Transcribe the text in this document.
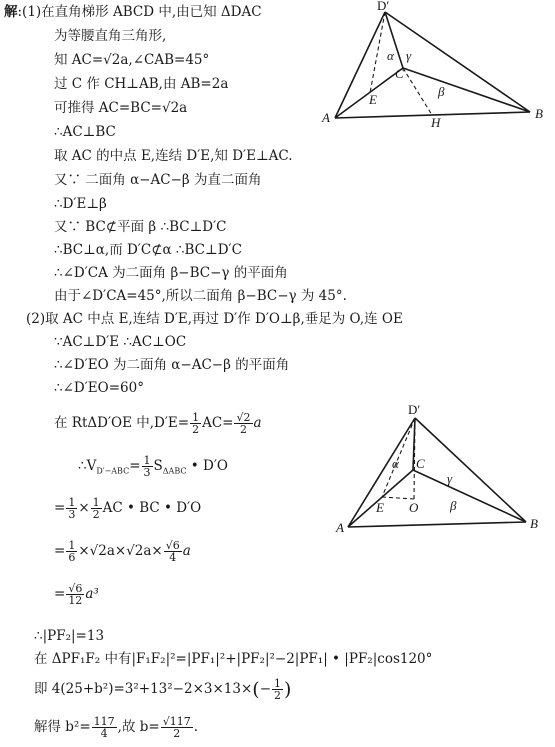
解:(1)在直角梯形 ABCD 中,由已知 ΔDAC
为等腰直角三角形,
知 AC=√2a,∠CAB=45°
过 C 作 CH⊥AB,由 AB=2a
可推得 AC=BC=√2a
∴AC⊥BC
取 AC 的中点 E,连结 D′E,知 D′E⊥AC.
又∵ 二面角 α−AC−β 为直二面角
∴D′E⊥β
又∵ BC⊄平面 β ∴BC⊥D′C
∴BC⊥α,而 D′C⊄α ∴BC⊥D′C
∴∠D′CA 为二面角 β−BC−γ 的平面角
由于∠D′CA=45°,所以二面角 β−BC−γ 为 45°.
(2)取 AC 中点 E,连结 D′E,再过 D′作 D′O⊥β,垂足为 O,连 OE
∵AC⊥D′E ∴AC⊥OC
∴∠D′EO 为二面角 α−AC−β 的平面角
∴∠D′EO=60°
在 RtΔD′OE 中$,D'E= \frac{1}{2} AC= \frac{√2}{2}$ a
$\therefore V_{D'-ABC}= \frac{1}{3} S_{\Delta ABC}$ • D′O
= $\frac{1}{3} \times \frac{1}{2}$ AC • BC • D′O
= $\frac{1}{6} \times√2a\times√2a\times \frac{√6}{4}$ a
= $\frac{√6}{12} a^3$
∴|PF₂|=13
在 ΔPF₁F₂ 中有|F₁F₂|²=|PF₁|²+|PF₂|²−2|PF₁| • |PF₂|cos120°
即 $4(25+b^2)=3^2+13^2-2\times 3\times 13\times(- \frac{1}{2}$ )
解得 $b^2= \frac{117}{4}$ ,故 $b= \frac{√117}{2}$ .
D′
A	B
C
E
H
α γ
β
D′
A	B
C
E O
α
γ
β
